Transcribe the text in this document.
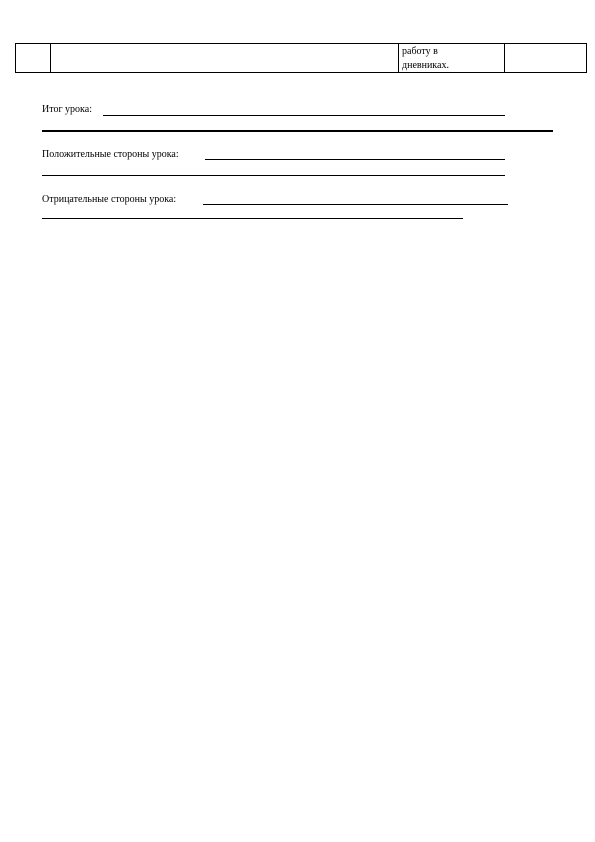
работу в
дневниках.

Итог урока:
Положительные стороны урока:
Отрицательные стороны урока:
